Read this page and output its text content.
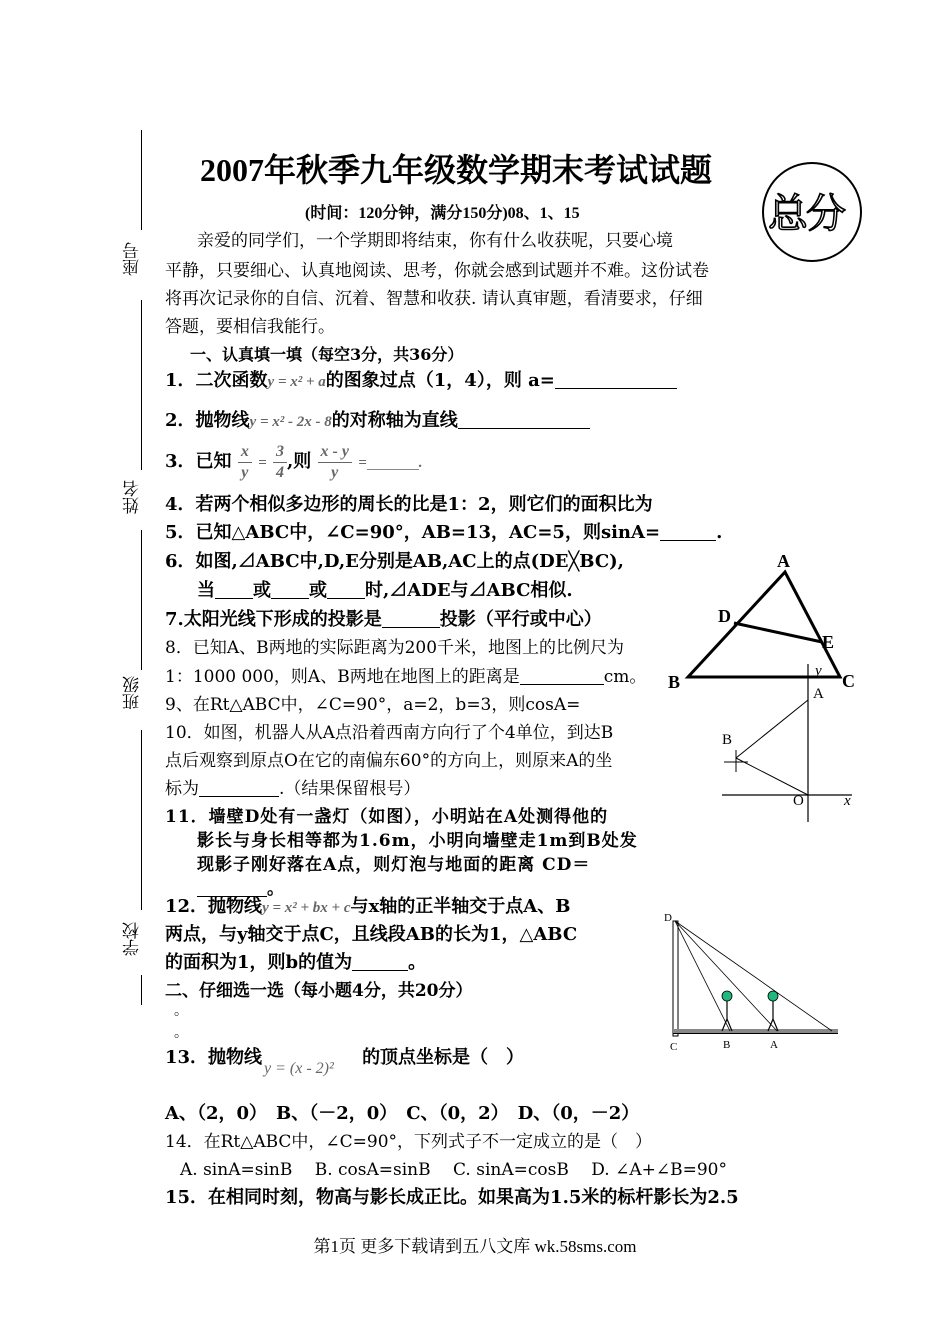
座号
姓名
班级
学校
2007年秋季九年级数学期末考试试题
(时间：120分钟，满分150分)08、1、15	总分
亲爱的同学们，一个学期即将结束，你有什么收获呢，只要心境
平静，只要细心、认真地阅读、思考，你就会感到试题并不难。这份试卷
将再次记录你的自信、沉着、智慧和收获. 请认真审题，看清要求，仔细
答题，要相信我能行。
一、认真填一填（每空3分，共36分）
1．二次函数y = x² + a的图象过点（1，4），则 a=
2．抛物线y = x² - 2x - 8的对称轴为直线
3．已知 $\frac{x}{y} = \frac{3}{4}$ ,则 $\frac{x - y}{y}$ =	.
4．若两个相似多边形的周长的比是1：2，则它们的面积比为
5．已知△ABC中，∠C=90°，AB=13，AC=5，则sinA=	.
6．如图,⊿ABC中,D,E分别是AB,AC上的点(DE╳BC),
当 或 或 时,⊿ADE与⊿ABC相似.
7.太阳光线下形成的投影是	投影（平行或中心）
8．已知A、B两地的实际距离为200千米，地图上的比例尺为
1：1000 000，则A、B两地在地图上的距离是	cm。
9、在Rt△ABC中，∠C=90°，a=2，b=3，则cosA=
10．如图，机器人从A点沿着西南方向行了个4单位，到达B
点后观察到原点O在它的南偏东60°的方向上，则原来A的坐
标为	.（结果保留根号）
11．墙壁D处有一盏灯（如图），小明站在A处测得他的
影长与身长相等都为1.6m，小明向墙壁走1m到B处发
现影子刚好落在A点，则灯泡与地面的距离 CD＝
。
12．抛物线y = x² + bx + c与x轴的正半轴交于点A、B
两点，与y轴交于点C，且线段AB的长为1，△ABC
的面积为1，则b的值为	。
二、仔细选一选（每小题4分，共20分）
。
。
13．抛物线	的顶点坐标是（　）
y = (x - 2)²
A、（2，0）　B、（－2，0）　C、（0，2）　D、（0，－2）
14．在Rt△ABC中，∠C=90°，下列式子不一定成立的是（　）
A. sinA=sinB　 B. cosA=sinB　 C. sinA=cosB　 D. ∠A+∠B=90°
15．在相同时刻，物高与影长成正比。如果高为1.5米的标杆影长为2.5
第1页 更多下载请到五八文库 wk.58sms.com
A
B	C
D
E
y
A
B
O	x
D
C	B	A
